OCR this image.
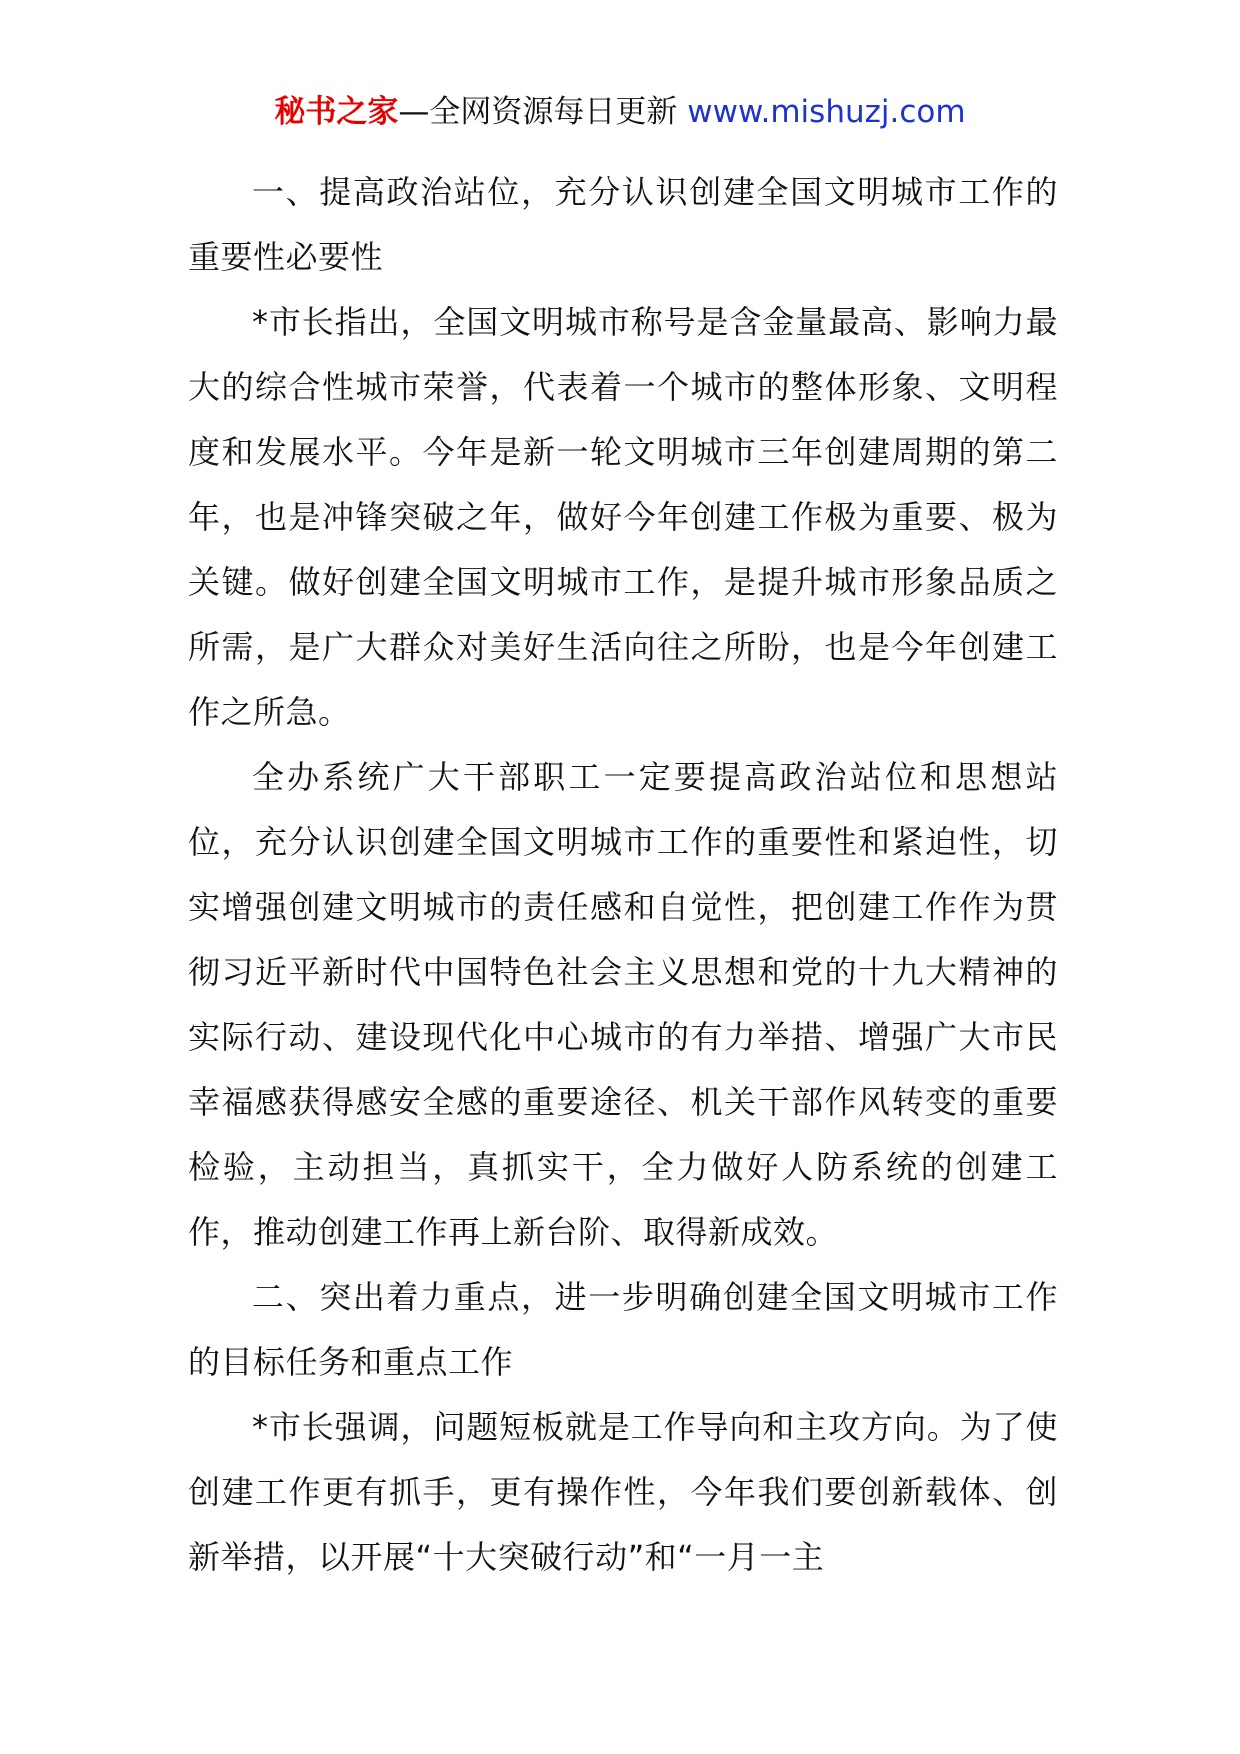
秘书之家—全网资源每日更新 www.mishuzj.com

一、提高政治站位，充分认识创建全国文明城市工作的重要性必要性

*市长指出，全国文明城市称号是含金量最高、影响力最大的综合性城市荣誉，代表着一个城市的整体形象、文明程度和发展水平。今年是新一轮文明城市三年创建周期的第二年，也是冲锋突破之年，做好今年创建工作极为重要、极为关键。做好创建全国文明城市工作，是提升城市形象品质之所需，是广大群众对美好生活向往之所盼，也是今年创建工作之所急。

全办系统广大干部职工一定要提高政治站位和思想站位，充分认识创建全国文明城市工作的重要性和紧迫性，切实增强创建文明城市的责任感和自觉性，把创建工作作为贯彻习近平新时代中国特色社会主义思想和党的十九大精神的实际行动、建设现代化中心城市的有力举措、增强广大市民幸福感获得感安全感的重要途径、机关干部作风转变的重要检验，主动担当，真抓实干，全力做好人防系统的创建工作，推动创建工作再上新台阶、取得新成效。

二、突出着力重点，进一步明确创建全国文明城市工作的目标任务和重点工作

*市长强调，问题短板就是工作导向和主攻方向。为了使创建工作更有抓手，更有操作性，今年我们要创新载体、创新举措，以开展“十大突破行动”和“一月一主
